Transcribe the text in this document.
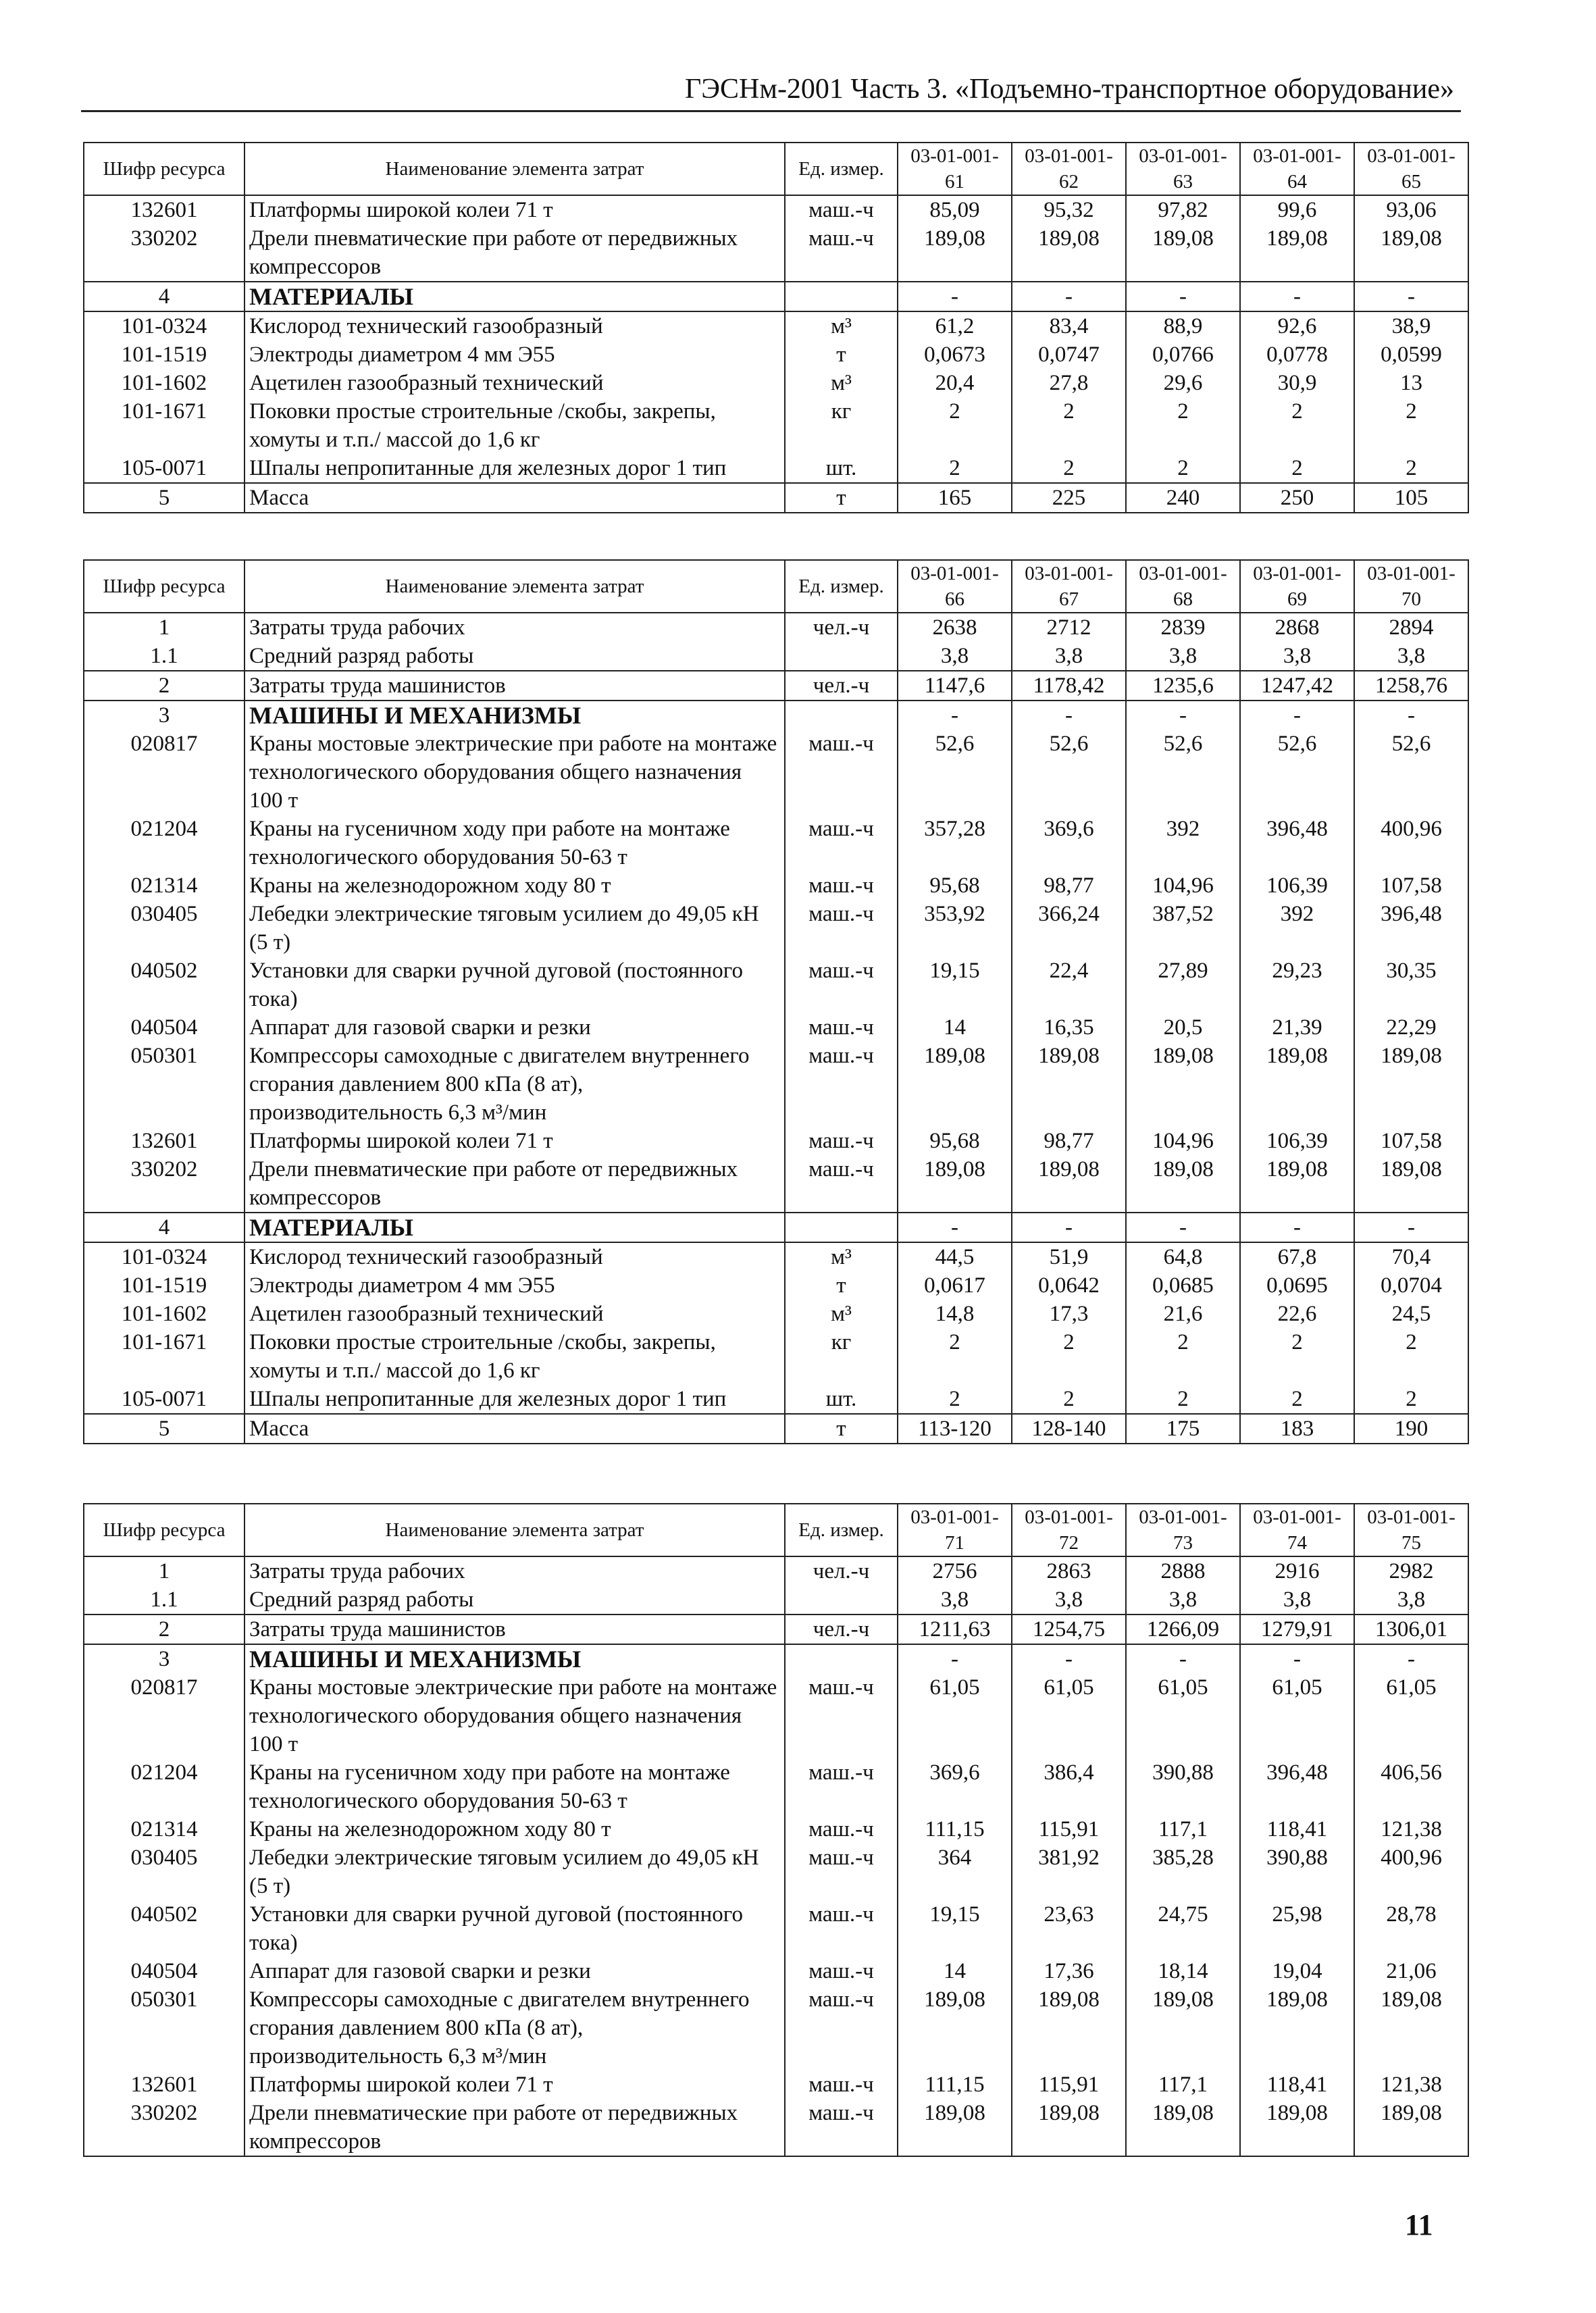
ГЭСНм-2001 Часть 3. «Подъемно-транспортное оборудование»
Шифр ресурса	Наименование элемента затрат	Ед. измер.	03-01-001-61	03-01-001-62	03-01-001-63	03-01-001-64	03-01-001-65
132601	Платформы широкой колеи 71 т	маш.-ч	85,09	95,32	97,82	99,6	93,06
330202	Дрели пневматические при работе от передвижных компрессоров	маш.-ч	189,08	189,08	189,08	189,08	189,08
4	МАТЕРИАЛЫ		-	-	-	-	-
101-0324	Кислород технический газообразный	м³	61,2	83,4	88,9	92,6	38,9
101-1519	Электроды диаметром 4 мм Э55	т	0,0673	0,0747	0,0766	0,0778	0,0599
101-1602	Ацетилен газообразный технический	м³	20,4	27,8	29,6	30,9	13
101-1671	Поковки простые строительные /скобы, закрепы, хомуты и т.п./ массой до 1,6 кг	кг	2	2	2	2	2
105-0071	Шпалы непропитанные для железных дорог 1 тип	шт.	2	2	2	2	2
5	Масса	т	165	225	240	250	105
Шифр ресурса	Наименование элемента затрат	Ед. измер.	03-01-001-66	03-01-001-67	03-01-001-68	03-01-001-69	03-01-001-70
1	Затраты труда рабочих	чел.-ч	2638	2712	2839	2868	2894
1.1	Средний разряд работы		3,8	3,8	3,8	3,8	3,8
2	Затраты труда машинистов	чел.-ч	1147,6	1178,42	1235,6	1247,42	1258,76
3	МАШИНЫ И МЕХАНИЗМЫ		-	-	-	-	-
020817	Краны мостовые электрические при работе на монтаже технологического оборудования общего назначения 100 т	маш.-ч	52,6	52,6	52,6	52,6	52,6
021204	Краны на гусеничном ходу при работе на монтаже технологического оборудования 50-63 т	маш.-ч	357,28	369,6	392	396,48	400,96
021314	Краны на железнодорожном ходу 80 т	маш.-ч	95,68	98,77	104,96	106,39	107,58
030405	Лебедки электрические тяговым усилием до 49,05 кН (5 т)	маш.-ч	353,92	366,24	387,52	392	396,48
040502	Установки для сварки ручной дуговой (постоянного тока)	маш.-ч	19,15	22,4	27,89	29,23	30,35
040504	Аппарат для газовой сварки и резки	маш.-ч	14	16,35	20,5	21,39	22,29
050301	Компрессоры самоходные с двигателем внутреннего сгорания давлением 800 кПа (8 ат), производительность 6,3 м³/мин	маш.-ч	189,08	189,08	189,08	189,08	189,08
132601	Платформы широкой колеи 71 т	маш.-ч	95,68	98,77	104,96	106,39	107,58
330202	Дрели пневматические при работе от передвижных компрессоров	маш.-ч	189,08	189,08	189,08	189,08	189,08
4	МАТЕРИАЛЫ		-	-	-	-	-
101-0324	Кислород технический газообразный	м³	44,5	51,9	64,8	67,8	70,4
101-1519	Электроды диаметром 4 мм Э55	т	0,0617	0,0642	0,0685	0,0695	0,0704
101-1602	Ацетилен газообразный технический	м³	14,8	17,3	21,6	22,6	24,5
101-1671	Поковки простые строительные /скобы, закрепы, хомуты и т.п./ массой до 1,6 кг	кг	2	2	2	2	2
105-0071	Шпалы непропитанные для железных дорог 1 тип	шт.	2	2	2	2	2
5	Масса	т	113-120	128-140	175	183	190
Шифр ресурса	Наименование элемента затрат	Ед. измер.	03-01-001-71	03-01-001-72	03-01-001-73	03-01-001-74	03-01-001-75
1	Затраты труда рабочих	чел.-ч	2756	2863	2888	2916	2982
1.1	Средний разряд работы		3,8	3,8	3,8	3,8	3,8
2	Затраты труда машинистов	чел.-ч	1211,63	1254,75	1266,09	1279,91	1306,01
3	МАШИНЫ И МЕХАНИЗМЫ		-	-	-	-	-
020817	Краны мостовые электрические при работе на монтаже технологического оборудования общего назначения 100 т	маш.-ч	61,05	61,05	61,05	61,05	61,05
021204	Краны на гусеничном ходу при работе на монтаже технологического оборудования 50-63 т	маш.-ч	369,6	386,4	390,88	396,48	406,56
021314	Краны на железнодорожном ходу 80 т	маш.-ч	111,15	115,91	117,1	118,41	121,38
030405	Лебедки электрические тяговым усилием до 49,05 кН (5 т)	маш.-ч	364	381,92	385,28	390,88	400,96
040502	Установки для сварки ручной дуговой (постоянного тока)	маш.-ч	19,15	23,63	24,75	25,98	28,78
040504	Аппарат для газовой сварки и резки	маш.-ч	14	17,36	18,14	19,04	21,06
050301	Компрессоры самоходные с двигателем внутреннего сгорания давлением 800 кПа (8 ат), производительность 6,3 м³/мин	маш.-ч	189,08	189,08	189,08	189,08	189,08
132601	Платформы широкой колеи 71 т	маш.-ч	111,15	115,91	117,1	118,41	121,38
330202	Дрели пневматические при работе от передвижных компрессоров	маш.-ч	189,08	189,08	189,08	189,08	189,08
11
